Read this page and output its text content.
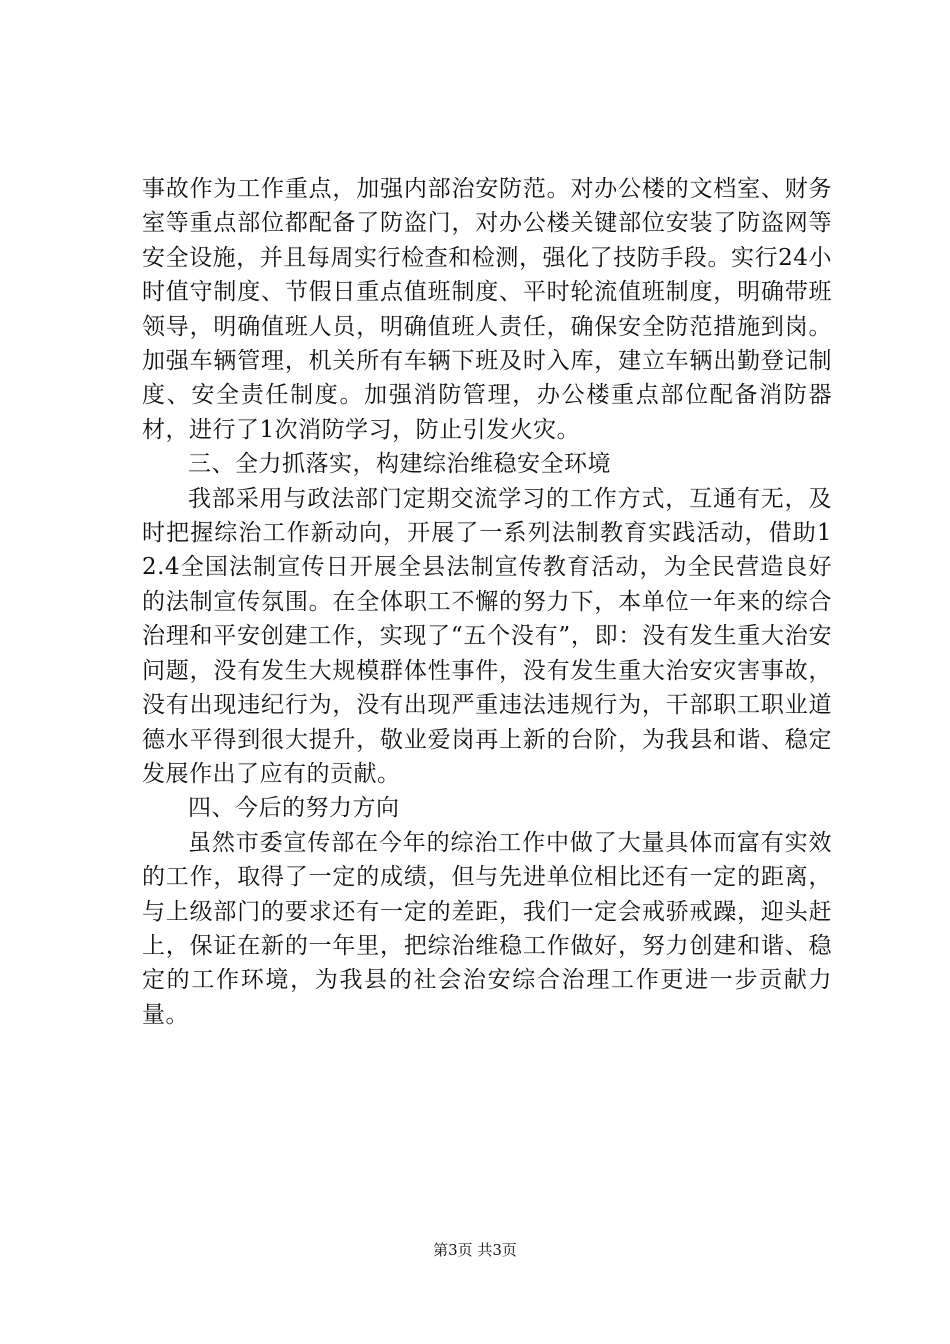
事故作为工作重点，加强内部治安防范。对办公楼的文档室、财务室等重点部位都配备了防盗门，对办公楼关键部位安装了防盗网等安全设施，并且每周实行检查和检测，强化了技防手段。实行24小时值守制度、节假日重点值班制度、平时轮流值班制度，明确带班领导，明确值班人员，明确值班人责任，确保安全防范措施到岗。加强车辆管理，机关所有车辆下班及时入库，建立车辆出勤登记制度、安全责任制度。加强消防管理，办公楼重点部位配备消防器材，进行了1次消防学习，防止引发火灾。

三、全力抓落实，构建综治维稳安全环境

我部采用与政法部门定期交流学习的工作方式，互通有无，及时把握综治工作新动向，开展了一系列法制教育实践活动，借助12.4全国法制宣传日开展全县法制宣传教育活动，为全民营造良好的法制宣传氛围。在全体职工不懈的努力下，本单位一年来的综合治理和平安创建工作，实现了“五个没有”，即：没有发生重大治安问题，没有发生大规模群体性事件，没有发生重大治安灾害事故，没有出现违纪行为，没有出现严重违法违规行为，干部职工职业道德水平得到很大提升，敬业爱岗再上新的台阶，为我县和谐、稳定发展作出了应有的贡献。

四、今后的努力方向

虽然市委宣传部在今年的综治工作中做了大量具体而富有实效的工作，取得了一定的成绩，但与先进单位相比还有一定的距离，与上级部门的要求还有一定的差距，我们一定会戒骄戒躁，迎头赶上，保证在新的一年里，把综治维稳工作做好，努力创建和谐、稳定的工作环境，为我县的社会治安综合治理工作更进一步贡献力量。

第3页 共3页
